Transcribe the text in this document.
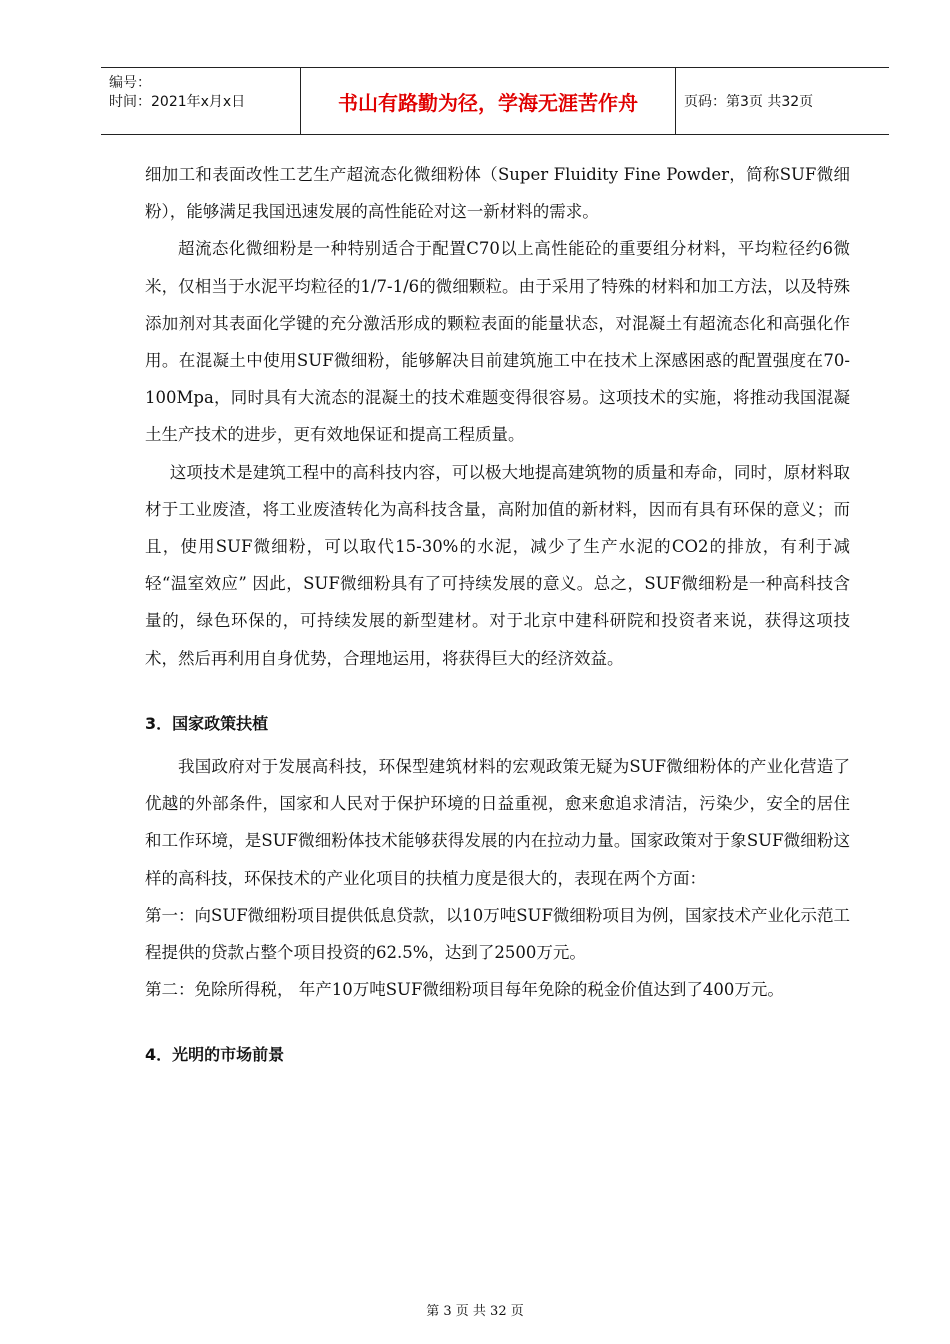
编号：
时间：2021年x月x日	书山有路勤为径，学海无涯苦作舟	页码：第3页 共32页

细加工和表面改性工艺生产超流态化微细粉体（Super Fluidity Fine Powder，简称SUF微细粉），能够满足我国迅速发展的高性能砼对这一新材料的需求。

超流态化微细粉是一种特别适合于配置C70以上高性能砼的重要组分材料，平均粒径约6微米，仅相当于水泥平均粒径的1/7-1/6的微细颗粒。由于采用了特殊的材料和加工方法，以及特殊添加剂对其表面化学键的充分激活形成的颗粒表面的能量状态，对混凝土有超流态化和高强化作用。在混凝土中使用SUF微细粉，能够解决目前建筑施工中在技术上深感困惑的配置强度在70-100Mpa，同时具有大流态的混凝土的技术难题变得很容易。这项技术的实施，将推动我国混凝土生产技术的进步，更有效地保证和提高工程质量。

这项技术是建筑工程中的高科技内容，可以极大地提高建筑物的质量和寿命，同时，原材料取材于工业废渣，将工业废渣转化为高科技含量，高附加值的新材料，因而有具有环保的意义；而且，使用SUF微细粉，可以取代15-30%的水泥，减少了生产水泥的CO2的排放，有利于减轻“温室效应” 因此，SUF微细粉具有了可持续发展的意义。总之，SUF微细粉是一种高科技含量的，绿色环保的，可持续发展的新型建材。对于北京中建科研院和投资者来说，获得这项技术，然后再利用自身优势，合理地运用，将获得巨大的经济效益。

3．国家政策扶植

我国政府对于发展高科技，环保型建筑材料的宏观政策无疑为SUF微细粉体的产业化营造了优越的外部条件，国家和人民对于保护环境的日益重视，愈来愈追求清洁，污染少，安全的居住和工作环境，是SUF微细粉体技术能够获得发展的内在拉动力量。国家政策对于象SUF微细粉这样的高科技，环保技术的产业化项目的扶植力度是很大的，表现在两个方面：

第一：向SUF微细粉项目提供低息贷款，以10万吨SUF微细粉项目为例，国家技术产业化示范工程提供的贷款占整个项目投资的62.5%，达到了2500万元。

第二：免除所得税， 年产10万吨SUF微细粉项目每年免除的税金价值达到了400万元。

4．光明的市场前景

第 3 页 共 32 页
